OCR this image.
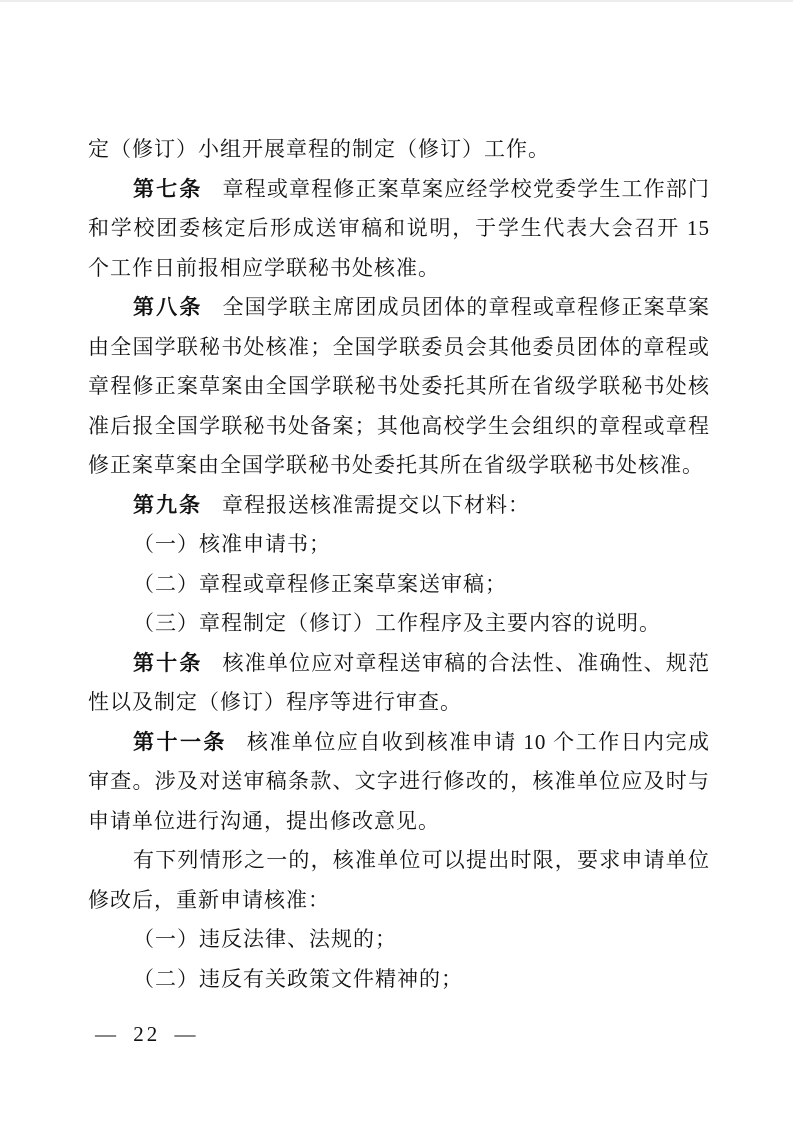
定（修订）小组开展章程的制定（修订）工作。

第七条 章程或章程修正案草案应经学校党委学生工作部门和学校团委核定后形成送审稿和说明，于学生代表大会召开 15 个工作日前报相应学联秘书处核准。

第八条 全国学联主席团成员团体的章程或章程修正案草案由全国学联秘书处核准；全国学联委员会其他委员团体的章程或章程修正案草案由全国学联秘书处委托其所在省级学联秘书处核准后报全国学联秘书处备案；其他高校学生会组织的章程或章程修正案草案由全国学联秘书处委托其所在省级学联秘书处核准。

第九条 章程报送核准需提交以下材料：

（一）核准申请书；

（二）章程或章程修正案草案送审稿；

（三）章程制定（修订）工作程序及主要内容的说明。

第十条 核准单位应对章程送审稿的合法性、准确性、规范性以及制定（修订）程序等进行审查。

第十一条 核准单位应自收到核准申请 10 个工作日内完成审查。涉及对送审稿条款、文字进行修改的，核准单位应及时与申请单位进行沟通，提出修改意见。

有下列情形之一的，核准单位可以提出时限，要求申请单位修改后，重新申请核准：

（一）违反法律、法规的；

（二）违反有关政策文件精神的；

— 22 —
